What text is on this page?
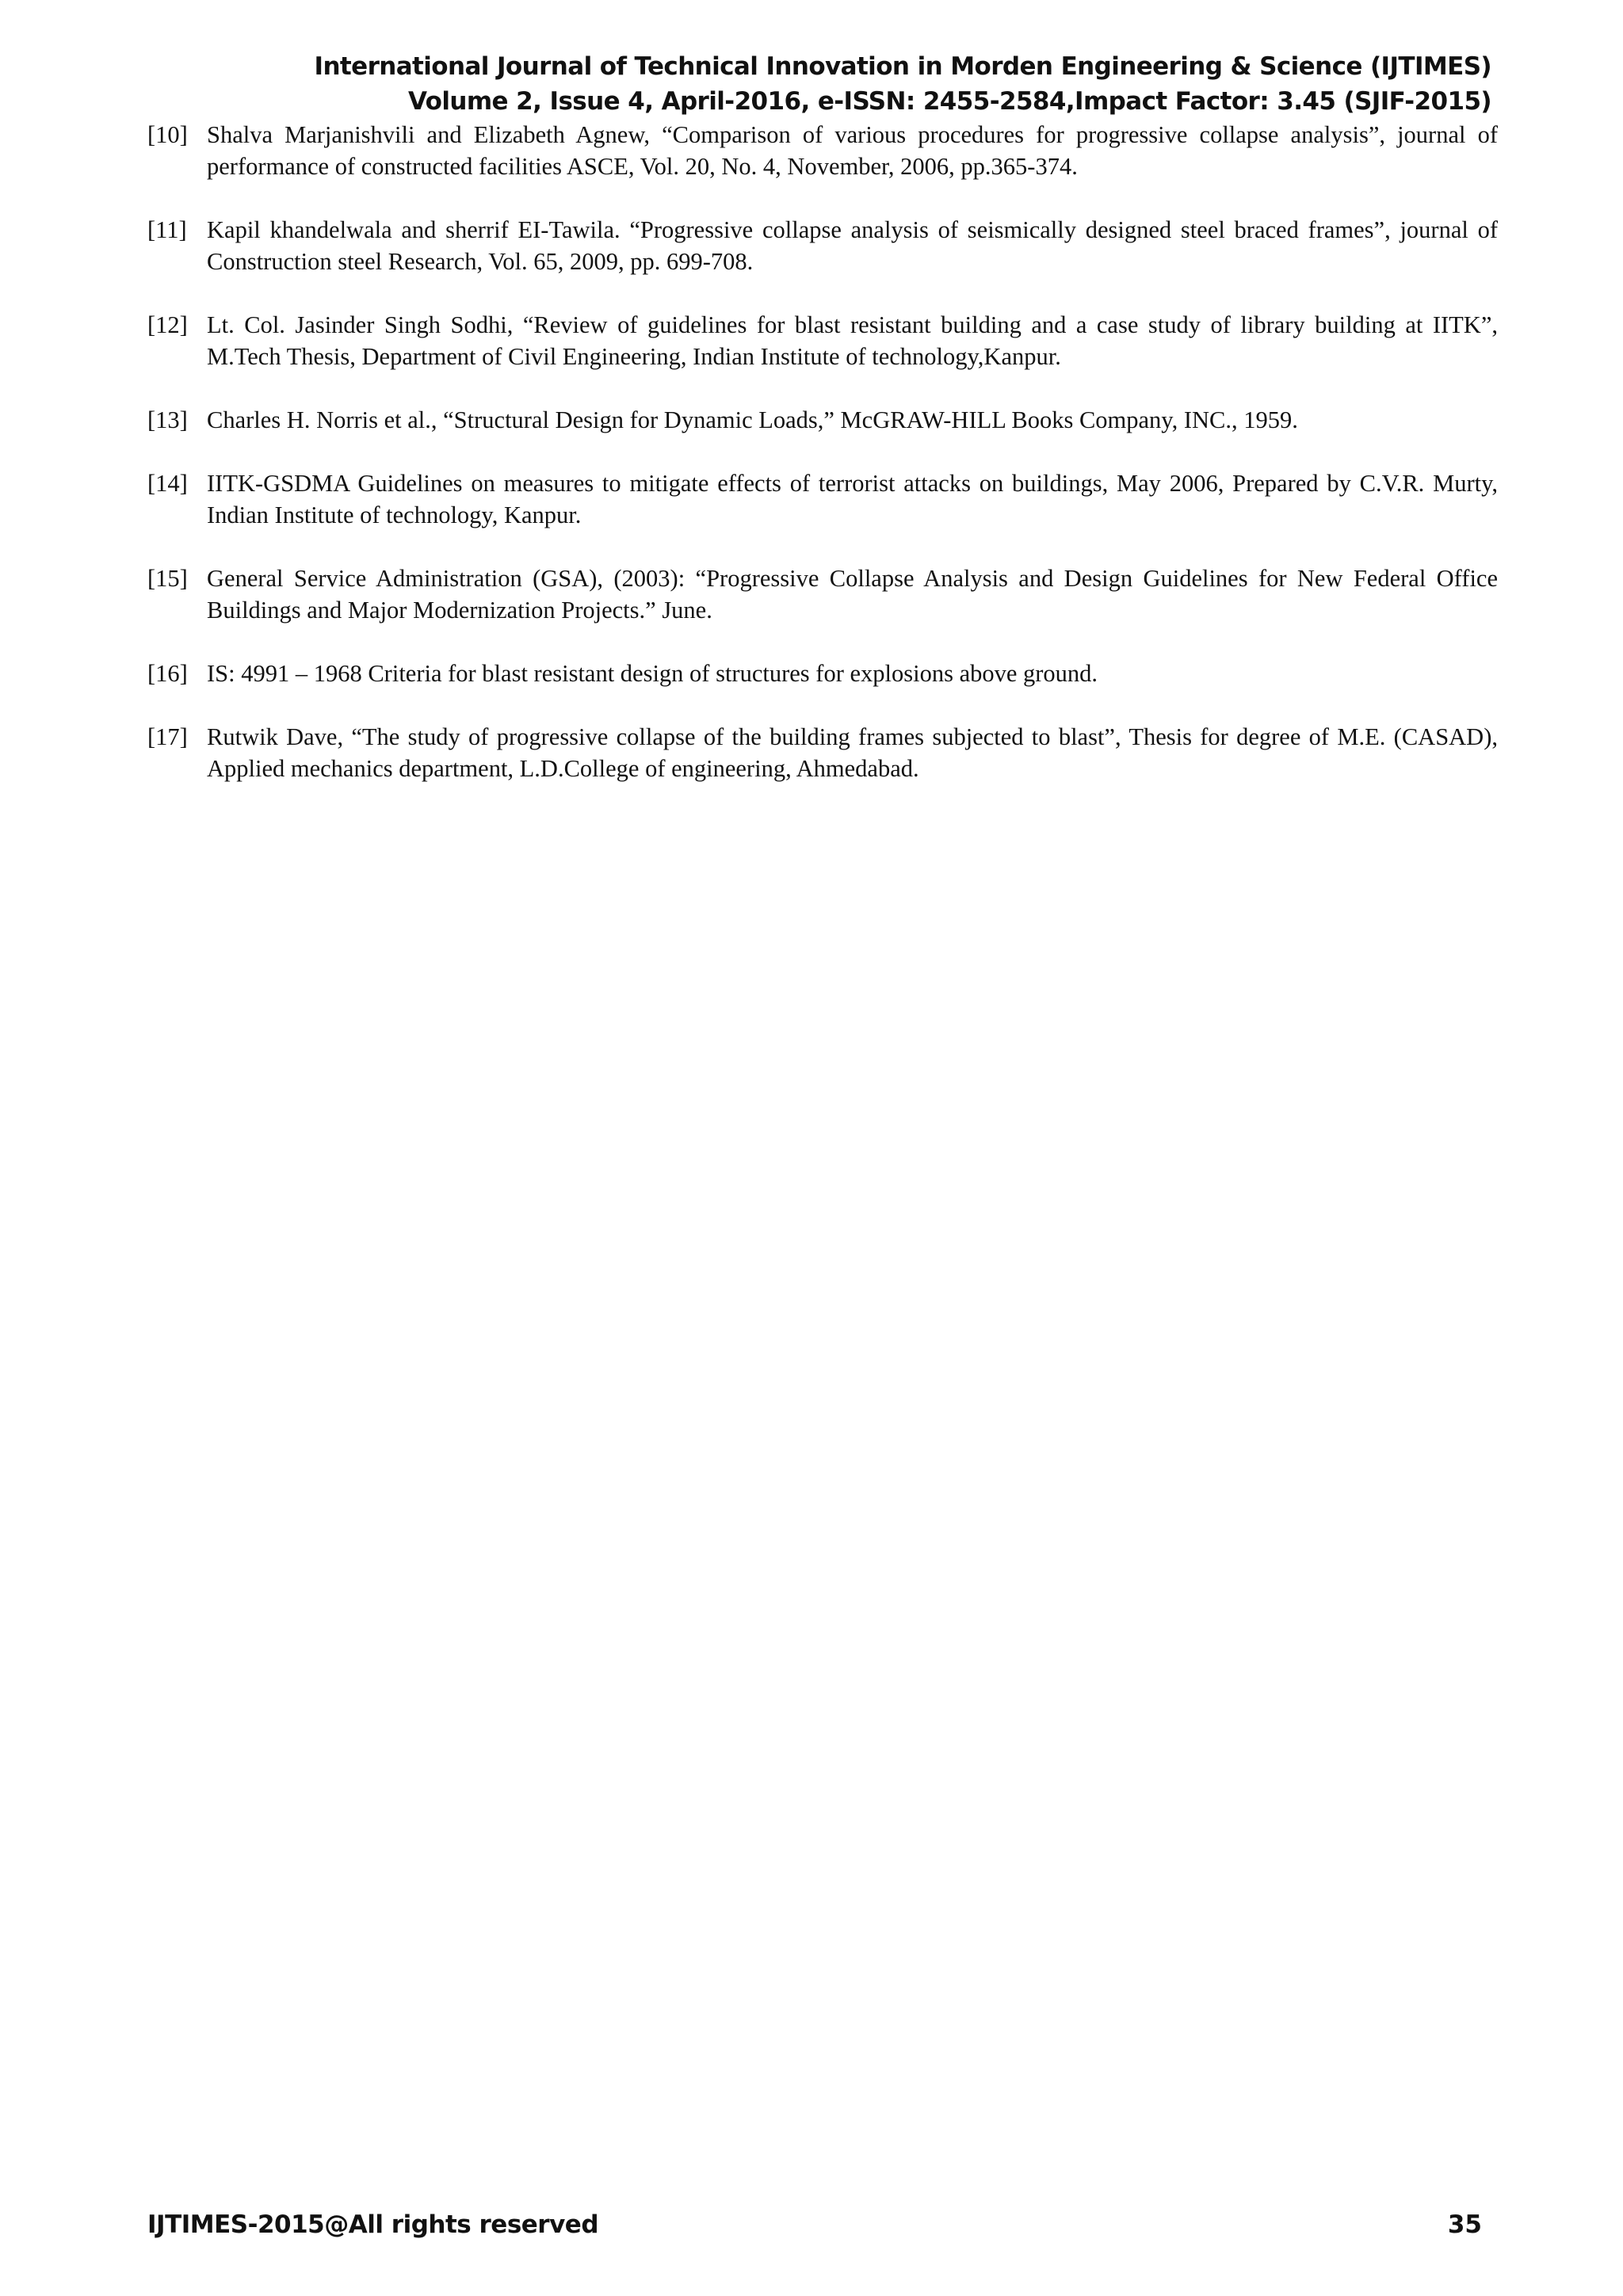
International Journal of Technical Innovation in Morden Engineering & Science (IJTIMES)
Volume 2, Issue 4, April-2016, e-ISSN: 2455-2584,Impact Factor: 3.45 (SJIF-2015)
[10] Shalva Marjanishvili and Elizabeth Agnew, “Comparison of various procedures for progressive collapse analysis”, journal of performance of constructed facilities ASCE, Vol. 20, No. 4, November, 2006, pp.365-374.
[11] Kapil khandelwala and sherrif EI-Tawila. “Progressive collapse analysis of seismically designed steel braced frames”, journal of Construction steel Research, Vol. 65, 2009, pp. 699-708.
[12] Lt. Col. Jasinder Singh Sodhi, “Review of guidelines for blast resistant building and a case study of library building at IITK”, M.Tech Thesis, Department of Civil Engineering, Indian Institute of technology,Kanpur.
[13] Charles H. Norris et al., “Structural Design for Dynamic Loads,” McGRAW-HILL Books Company, INC., 1959.
[14] IITK-GSDMA Guidelines on measures to mitigate effects of terrorist attacks on buildings, May 2006, Prepared by C.V.R. Murty, Indian Institute of technology, Kanpur.
[15] General Service Administration (GSA), (2003): “Progressive Collapse Analysis and Design Guidelines for New Federal Office Buildings and Major Modernization Projects.” June.
[16] IS: 4991 – 1968 Criteria for blast resistant design of structures for explosions above ground.
[17] Rutwik Dave, “The study of progressive collapse of the building frames subjected to blast”, Thesis for degree of M.E. (CASAD), Applied mechanics department, L.D.College of engineering, Ahmedabad.
IJTIMES-2015@All rights reserved	35
